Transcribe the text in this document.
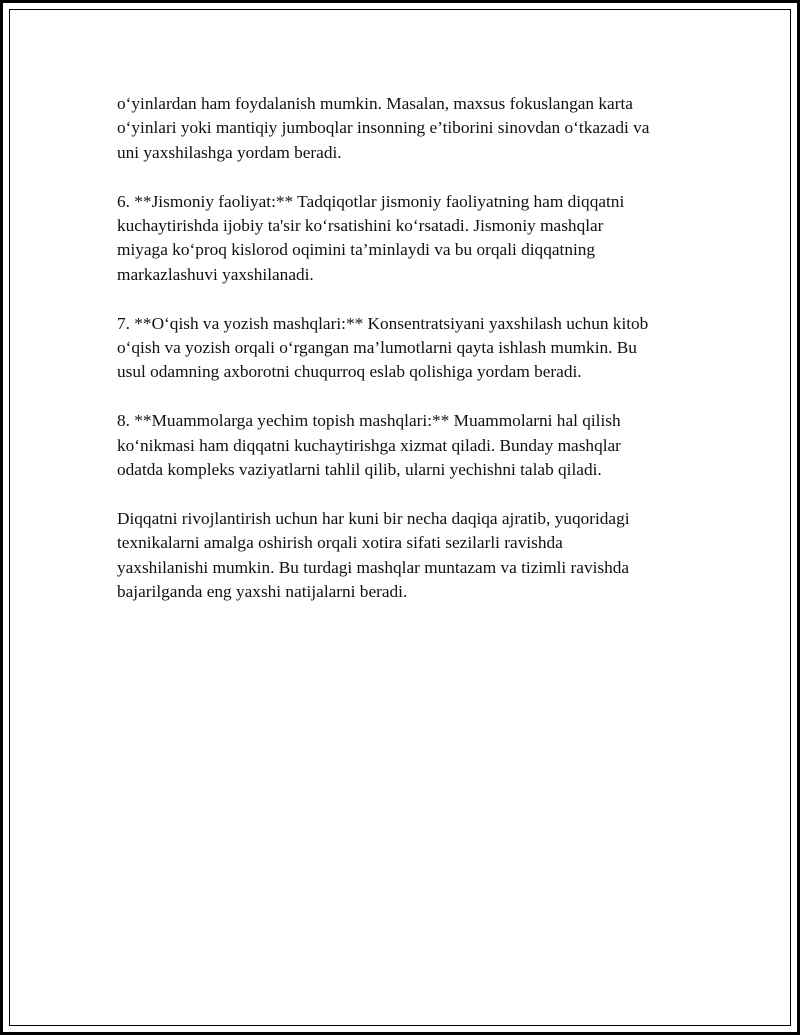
o‘yinlardan ham foydalanish mumkin. Masalan, maxsus fokuslangan karta
o‘yinlari yoki mantiqiy jumboqlar insonning e’tiborini sinovdan o‘tkazadi va
uni yaxshilashga yordam beradi.

6. **Jismoniy faoliyat:** Tadqiqotlar jismoniy faoliyatning ham diqqatni
kuchaytirishda ijobiy ta'sir ko‘rsatishini ko‘rsatadi. Jismoniy mashqlar
miyaga ko‘proq kislorod oqimini ta’minlaydi va bu orqali diqqatning
markazlashuvi yaxshilanadi.

7. **O‘qish va yozish mashqlari:** Konsentratsiyani yaxshilash uchun kitob
o‘qish va yozish orqali o‘rgangan ma’lumotlarni qayta ishlash mumkin. Bu
usul odamning axborotni chuqurroq eslab qolishiga yordam beradi.

8. **Muammolarga yechim topish mashqlari:** Muammolarni hal qilish
ko‘nikmasi ham diqqatni kuchaytirishga xizmat qiladi. Bunday mashqlar
odatda kompleks vaziyatlarni tahlil qilib, ularni yechishni talab qiladi.

Diqqatni rivojlantirish uchun har kuni bir necha daqiqa ajratib, yuqoridagi
texnikalarni amalga oshirish orqali xotira sifati sezilarli ravishda
yaxshilanishi mumkin. Bu turdagi mashqlar muntazam va tizimli ravishda
bajarilganda eng yaxshi natijalarni beradi.
